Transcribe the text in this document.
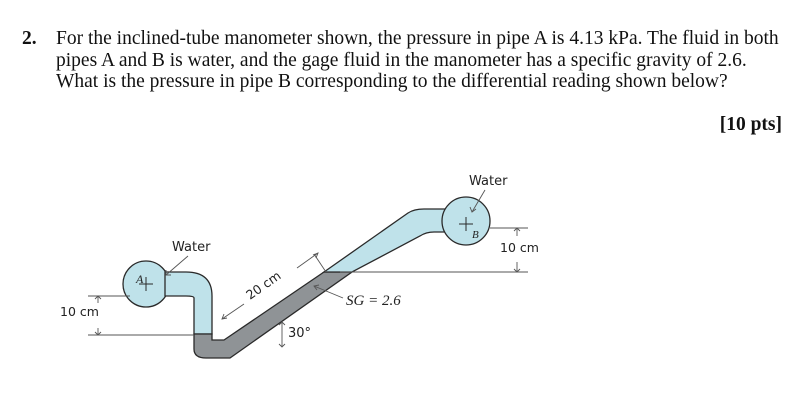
2. For the inclined-tube manometer shown, the pressure in pipe A is 4.13 kPa. The fluid in both pipes A and B is water, and the gage fluid in the manometer has a specific gravity of 2.6. What is the pressure in pipe B corresponding to the differential reading shown below?
[10 pts]
10 cm
10 cm
20 cm
30°
SG = 2.6
Water
Water
A
B
